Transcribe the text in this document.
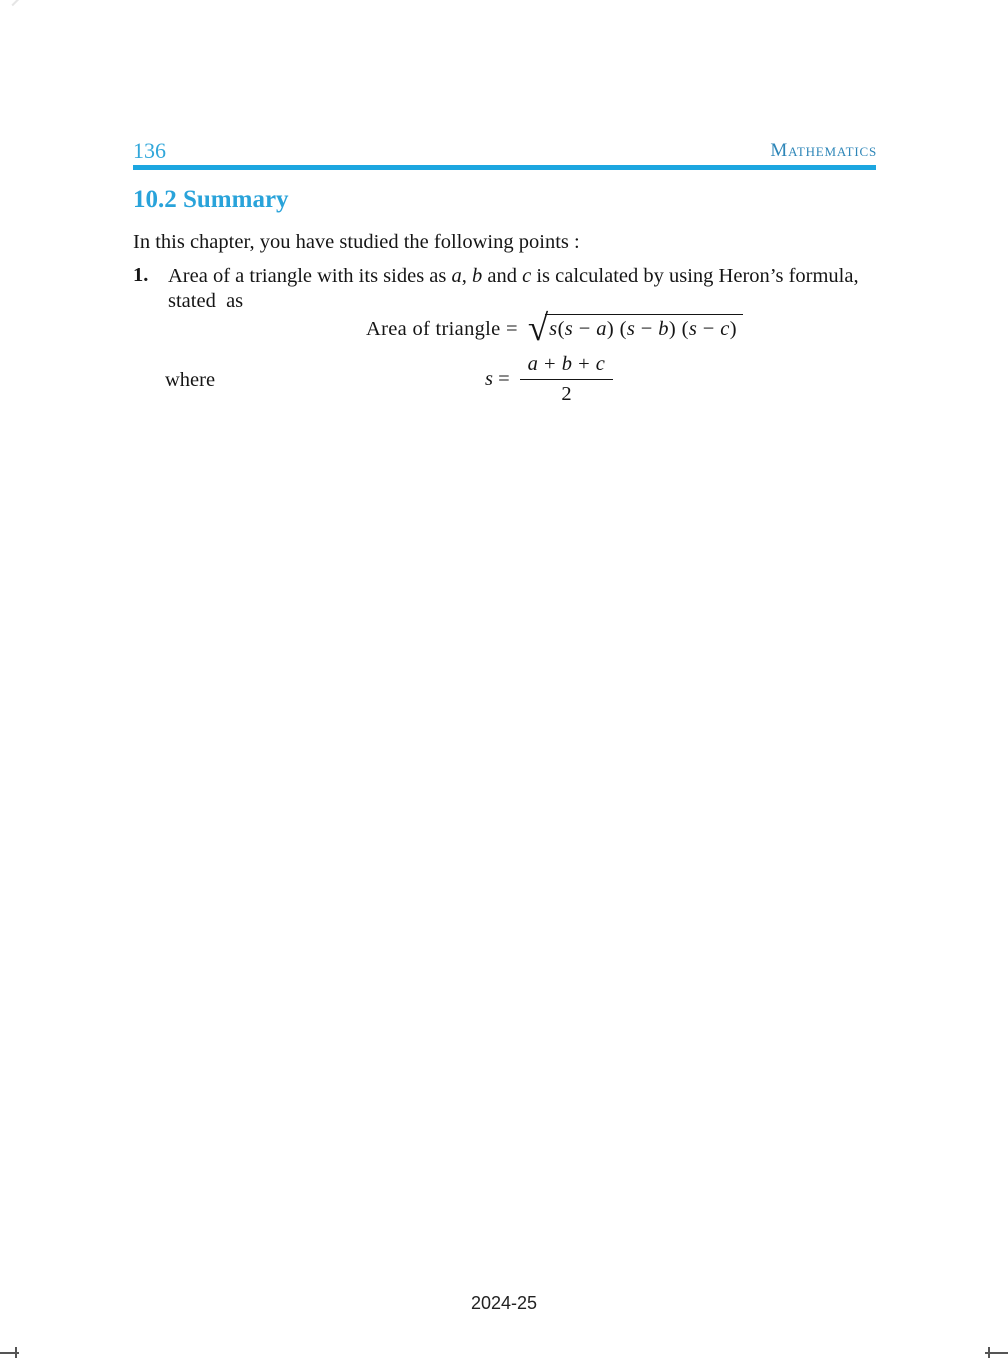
136	Mathematics
10.2 Summary
In this chapter, you have studied the following points :
1. Area of a triangle with its sides as a, b and c is calculated by using Heron’s formula, stated  as
Area of triangle = √ s(s − a) (s − b) (s − c)
where	$s = \frac{a + b + c}{2}$
2024-25
